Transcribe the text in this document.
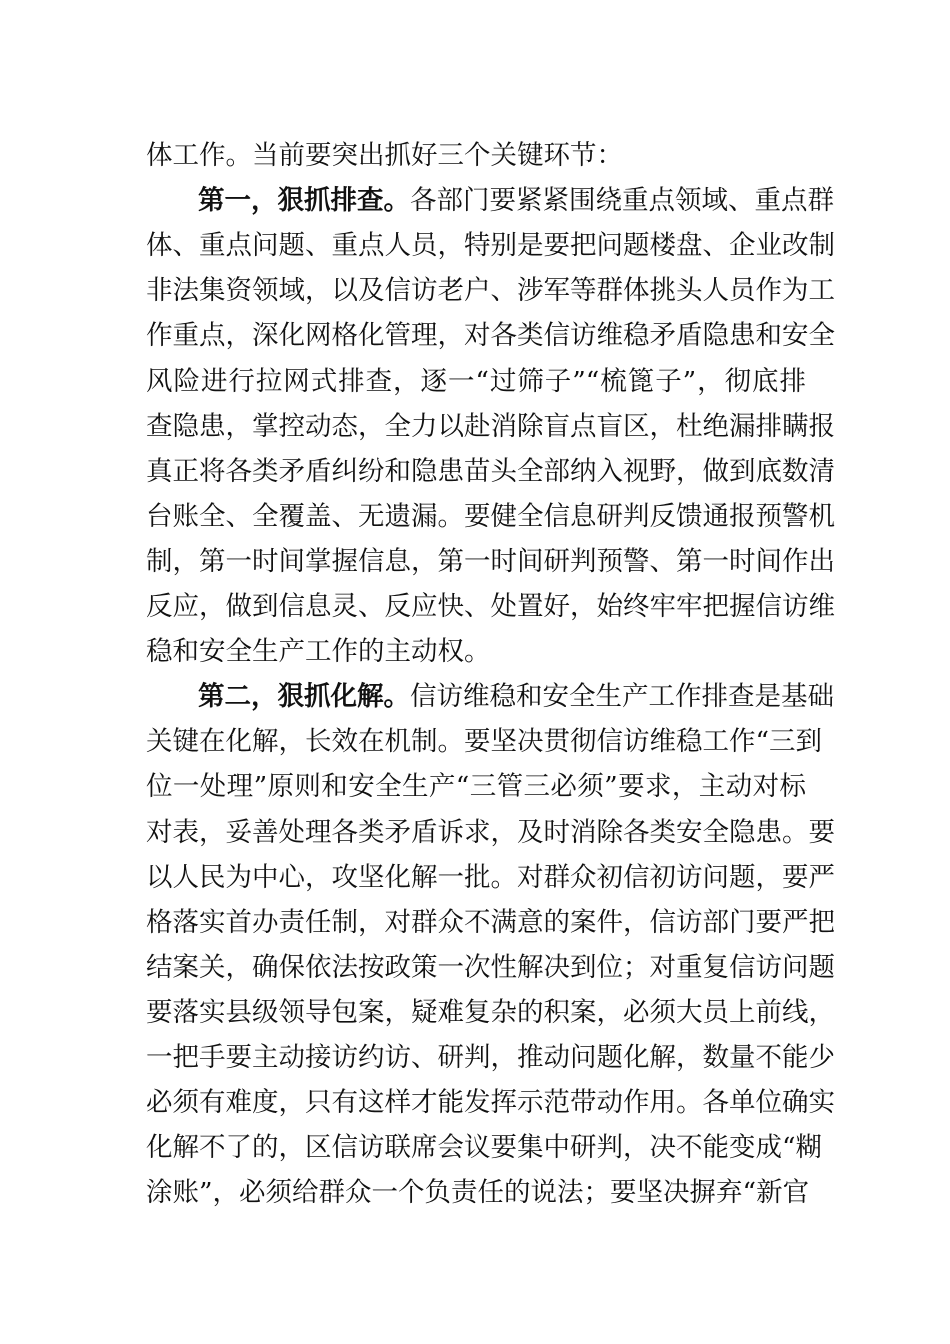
体工作。当前要突出抓好三个关键环节：
第一，狠抓排查。各部门要紧紧围绕重点领域、重点群
体、重点问题、重点人员，特别是要把问题楼盘、企业改制
非法集资领域，以及信访老户、涉军等群体挑头人员作为工
作重点，深化网格化管理，对各类信访维稳矛盾隐患和安全
风险进行拉网式排查，逐一“过筛子”“梳篦子”，彻底排
查隐患，掌控动态，全力以赴消除盲点盲区，杜绝漏排瞒报
真正将各类矛盾纠纷和隐患苗头全部纳入视野，做到底数清
台账全、全覆盖、无遗漏。要健全信息研判反馈通报预警机
制，第一时间掌握信息，第一时间研判预警、第一时间作出
反应，做到信息灵、反应快、处置好，始终牢牢把握信访维
稳和安全生产工作的主动权。
第二，狠抓化解。信访维稳和安全生产工作排查是基础
关键在化解，长效在机制。要坚决贯彻信访维稳工作“三到
位一处理”原则和安全生产“三管三必须”要求，主动对标
对表，妥善处理各类矛盾诉求，及时消除各类安全隐患。要
以人民为中心，攻坚化解一批。对群众初信初访问题，要严
格落实首办责任制，对群众不满意的案件，信访部门要严把
结案关，确保依法按政策一次性解决到位；对重复信访问题
要落实县级领导包案，疑难复杂的积案，必须大员上前线，
一把手要主动接访约访、研判，推动问题化解，数量不能少
必须有难度，只有这样才能发挥示范带动作用。各单位确实
化解不了的，区信访联席会议要集中研判，决不能变成“糊
涂账”，必须给群众一个负责任的说法；要坚决摒弃“新官
